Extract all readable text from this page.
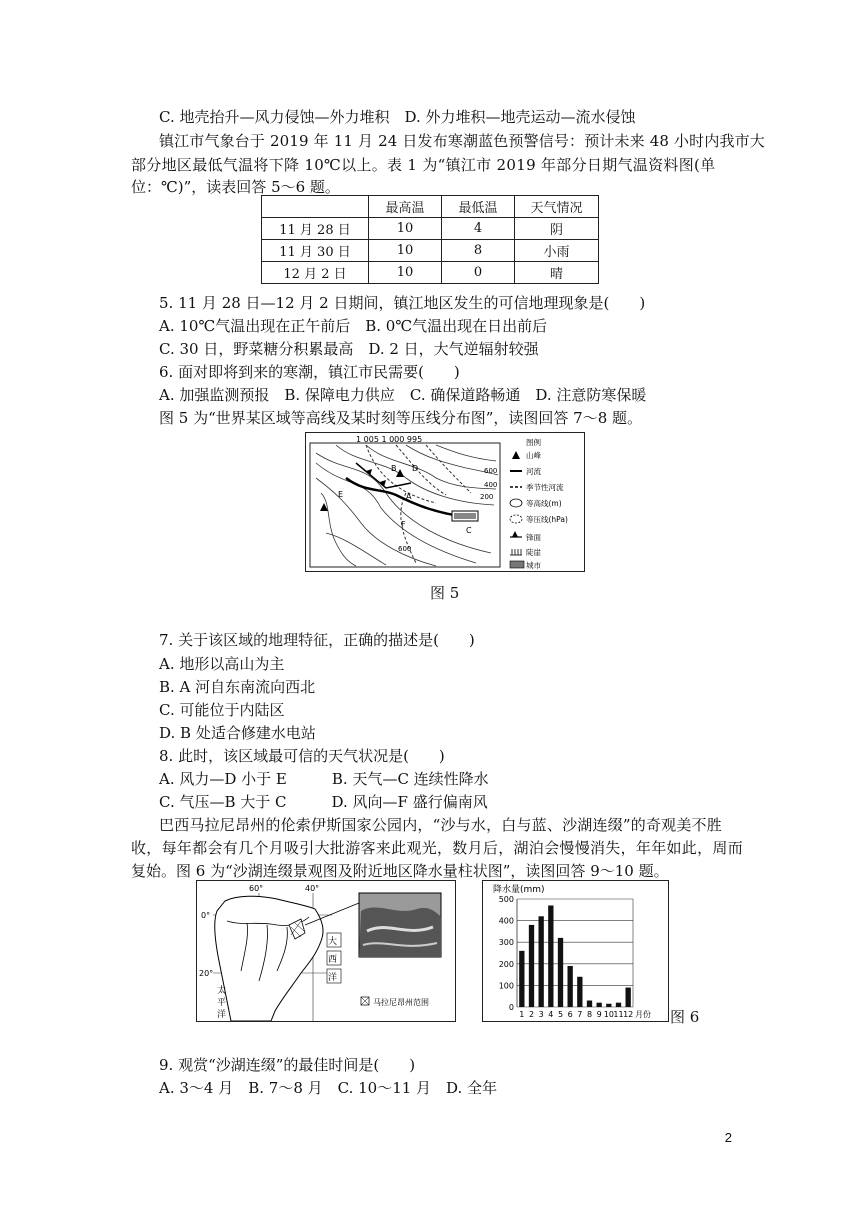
C. 地壳抬升—风力侵蚀—外力堆积　D. 外力堆积—地壳运动—流水侵蚀
镇江市气象台于 2019 年 11 月 24 日发布寒潮蓝色预警信号：预计未来 48 小时内我市大
部分地区最低气温将下降 10℃以上。表 1 为“镇江市 2019 年部分日期气温资料图(单
位：℃)”，读表回答 5～6 题。
	最高温	最低温	天气情况
11 月 28 日	10	4	阴
11 月 30 日	10	8	小雨
12 月 2 日	10	0	晴
5. 11 月 28 日—12 月 2 日期间，镇江地区发生的可信地理现象是(　　)
A. 10℃气温出现在正午前后　B. 0℃气温出现在日出前后
C. 30 日，野菜糖分积累最高　D. 2 日，大气逆辐射较强
6. 面对即将到来的寒潮，镇江市民需要(　　)
A. 加强监测预报　B. 保障电力供应　C. 确保道路畅通　D. 注意防寒保暖
图 5 为“世界某区域等高线及某时刻等压线分布图”，读图回答 7～8 题。
1 005 1 000 995
600
400
200
600
A
B
C
D
E
F
图例
山峰
河流
季节性河流
等高线(m)
等压线(hPa)
锋面
陡崖
城市
图 5
7. 关于该区域的地理特征，正确的描述是(　　)
A. 地形以高山为主
B. A 河自东南流向西北
C. 可能位于内陆区
D. B 处适合修建水电站
8. 此时，该区域最可信的天气状况是(　　)
A. 风力—D 小于 E　　　B. 天气—C 连续性降水
C. 气压—B 大于 C　　　D. 风向—F 盛行偏南风
巴西马拉尼昂州的伦索伊斯国家公园内，“沙与水，白与蓝、沙湖连缀”的奇观美不胜
收，每年都会有几个月吸引大批游客来此观光，数月后，湖泊会慢慢消失，年年如此，周而
复始。图 6 为“沙湖连缀景观图及附近地区降水量柱状图”，读图回答 9～10 题。
60°	40°
0°
20°
大
西
洋
太
平
洋
马拉尼昂州范围
降水量(mm)
0
100
200
300
400
500
1 2 3 4 5 6 7 8 9 10 11 12 月份 图 6
9. 观赏“沙湖连缀”的最佳时间是(　　)
A. 3～4 月　B. 7～8 月　C. 10～11 月　D. 全年
2
